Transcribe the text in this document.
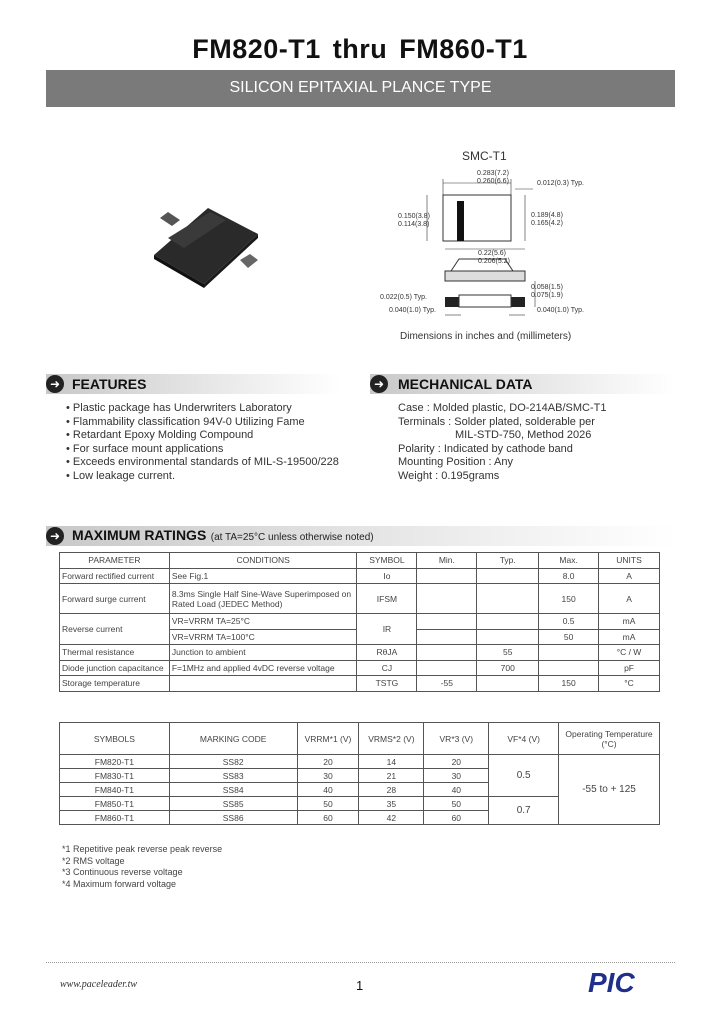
FM820-T1 thru FM860-T1
SILICON EPITAXIAL PLANCE TYPE
SMC-T1
0.283(7.2)
0.260(6.6)	0.012(0.3) Typ.
0.150(3.8)
0.114(3.8)
0.189(4.8)
0.165(4.2)
0.22(5.6)
0.206(5.2)
0.058(1.5)
0.075(1.9)
0.022(0.5) Typ.
0.040(1.0) Typ.	0.040(1.0) Typ.
Dimensions in inches and (millimeters)
➜ FEATURES
• Plastic package has Underwriters Laboratory
• Flammability classification 94V-0 Utilizing Fame
• Retardant Epoxy Molding Compound
• For surface mount applications
• Exceeds environmental standards of MIL-S-19500/228
• Low leakage current.
➜ MECHANICAL DATA
Case : Molded plastic, DO-214AB/SMC-T1
Terminals : Solder plated, solderable per
MIL-STD-750, Method 2026
Polarity : Indicated by cathode band
Mounting Position : Any
Weight : 0.195grams
➜ MAXIMUM RATINGS (at TA=25°C unless otherwise noted)
PARAMETER	CONDITIONS	SYMBOL	Min.	Typ.	Max.	UNITS
Forward rectified current	See Fig.1	Io			8.0	A
Forward surge current	8.3ms Single Half Sine-Wave Superimposed on Rated Load (JEDEC Method)	IFSM			150	A
Reverse current	VR=VRRM TA=25°C	IR			0.5	mA
	VR=VRRM TA=100°C				50	mA
Thermal resistance	Junction to ambient	RθJA		55		°C / W
Diode junction capacitance	F=1MHz and applied 4vDC reverse voltage	CJ		700		pF
Storage temperature		TSTG	-55		150	°C
SYMBOLS	MARKING CODE	VRRM*1 (V)	VRMS*2 (V)	VR*3 (V)	VF*4 (V)	Operating Temperature (°C)
FM820-T1	SS82	20	14	20	0.5	-55 to + 125
FM830-T1	SS83	30	21	30		
FM840-T1	SS84	40	28	40		
FM850-T1	SS85	50	35	50	0.7	
FM860-T1	SS86	60	42	60		
*1 Repetitive peak reverse peak reverse
*2 RMS voltage
*3 Continuous reverse voltage
*4 Maximum forward voltage
www.paceleader.tw	1	PIC
